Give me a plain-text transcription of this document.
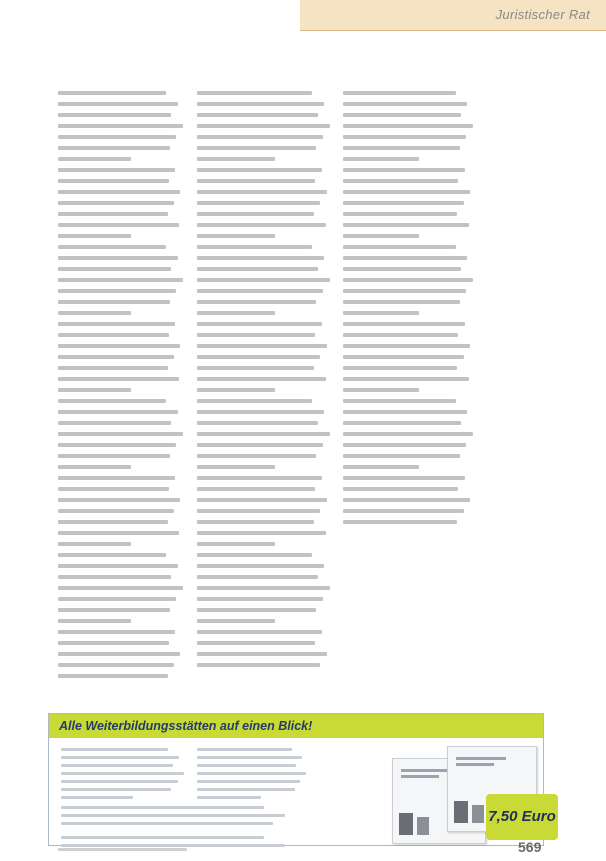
Juristischer Rat
Alle Weiterbildungsstätten auf einen Blick!
7,50 Euro
569
